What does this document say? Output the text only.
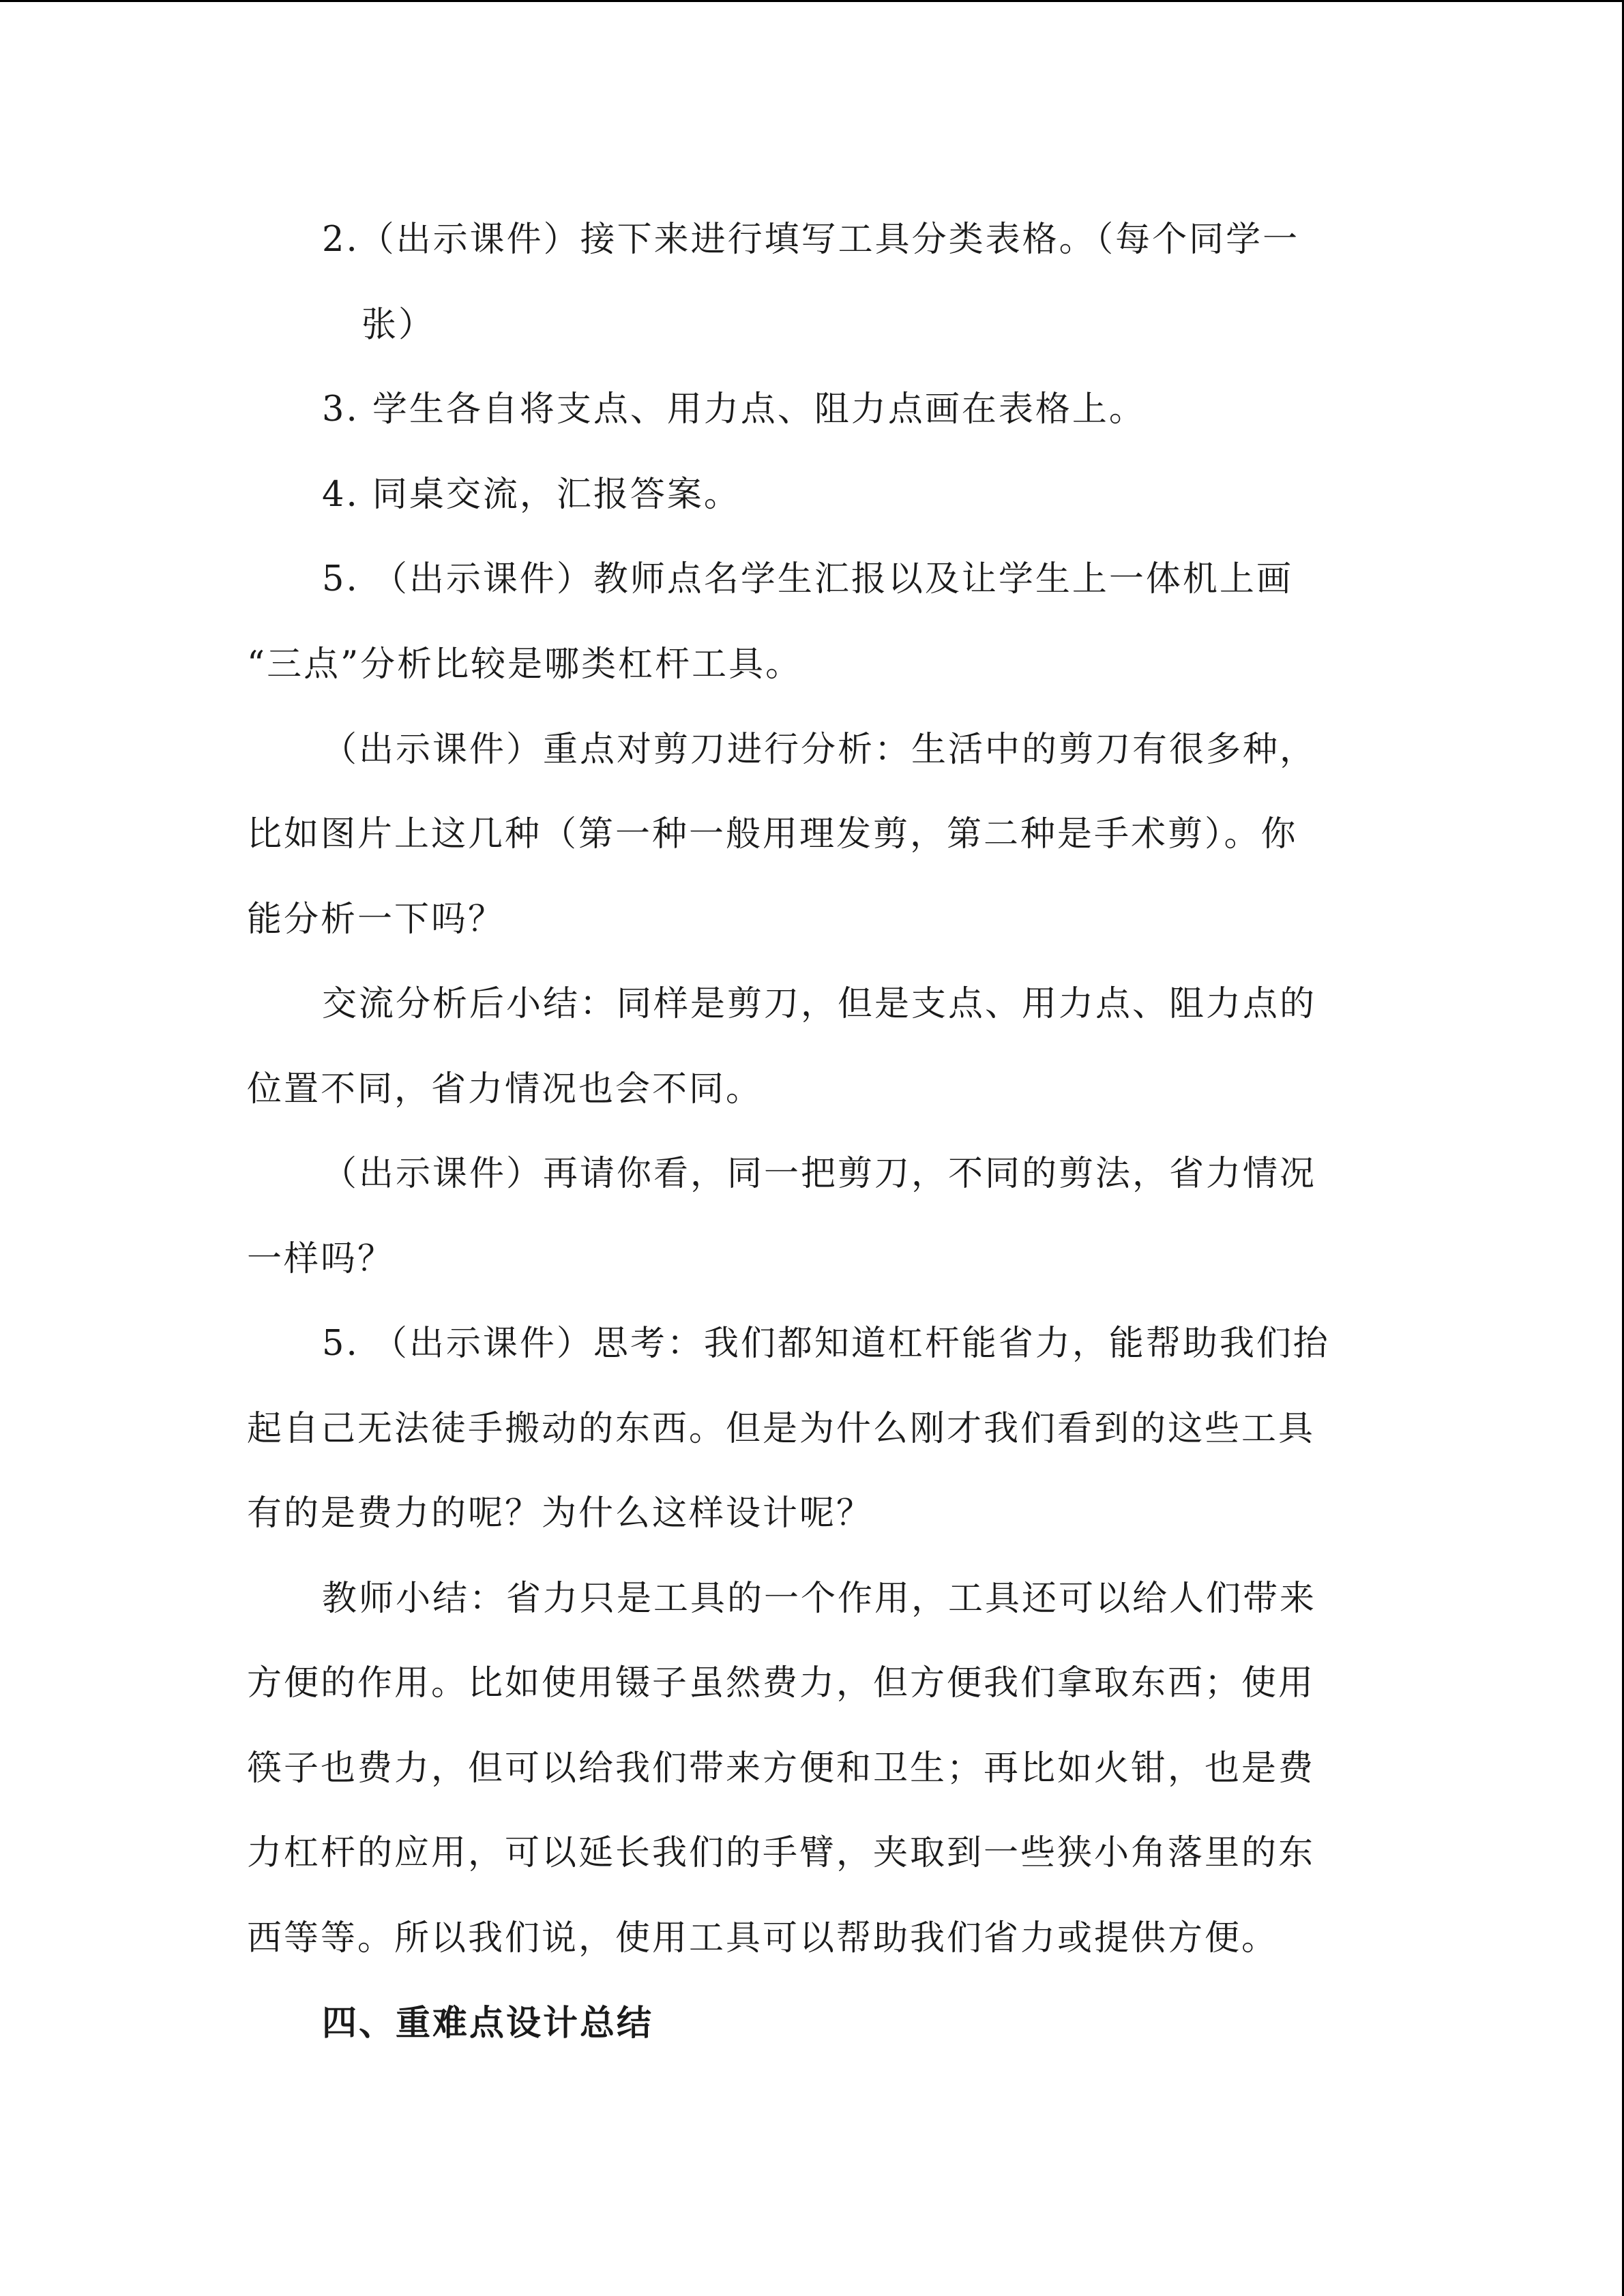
2.（出示课件）接下来进行填写工具分类表格。（每个同学一
张）
3. 学生各自将支点、用力点、阻力点画在表格上。
4. 同桌交流，汇报答案。
5. （出示课件）教师点名学生汇报以及让学生上一体机上画
“三点”分析比较是哪类杠杆工具。
（出示课件）重点对剪刀进行分析：生活中的剪刀有很多种，
比如图片上这几种（第一种一般用理发剪，第二种是手术剪）。你
能分析一下吗？
交流分析后小结：同样是剪刀，但是支点、用力点、阻力点的
位置不同，省力情况也会不同。
（出示课件）再请你看，同一把剪刀，不同的剪法，省力情况
一样吗？
5. （出示课件）思考：我们都知道杠杆能省力，能帮助我们抬
起自己无法徒手搬动的东西。但是为什么刚才我们看到的这些工具
有的是费力的呢？为什么这样设计呢？
教师小结：省力只是工具的一个作用，工具还可以给人们带来
方便的作用。比如使用镊子虽然费力，但方便我们拿取东西；使用
筷子也费力，但可以给我们带来方便和卫生；再比如火钳，也是费
力杠杆的应用，可以延长我们的手臂，夹取到一些狭小角落里的东
西等等。所以我们说，使用工具可以帮助我们省力或提供方便。
四、重难点设计总结
